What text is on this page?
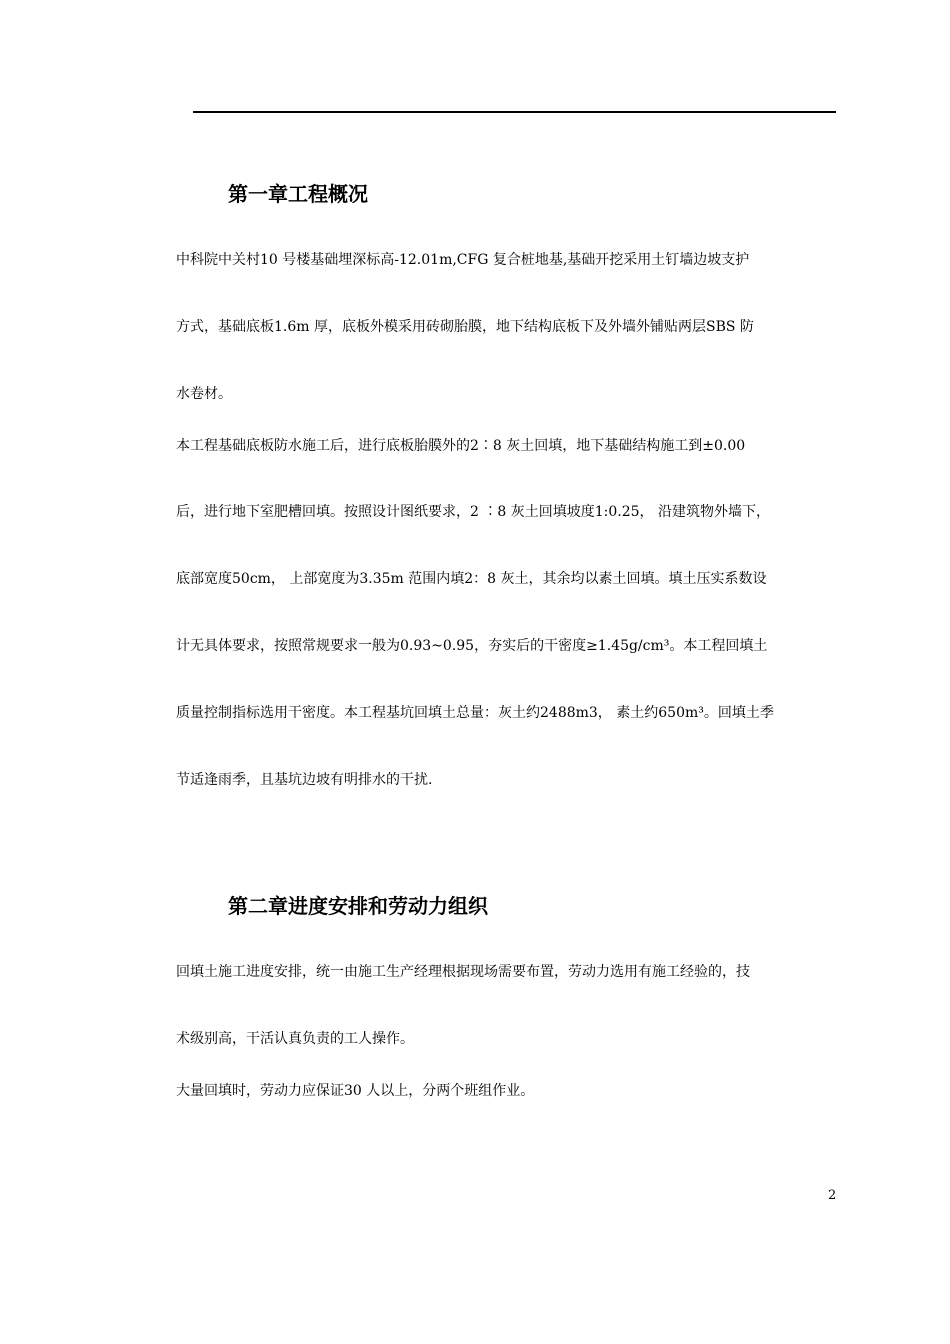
第一章工程概况
中科院中关村10 号楼基础埋深标高-12.01m,CFG 复合桩地基,基础开挖采用土钉墙边坡支护
方式，基础底板1.6m 厚，底板外模采用砖砌胎膜，地下结构底板下及外墙外铺贴两层SBS 防
水卷材。
本工程基础底板防水施工后，进行底板胎膜外的2∶8 灰土回填，地下基础结构施工到±0.00
后，进行地下室肥槽回填。按照设计图纸要求，2 ∶8 灰土回填坡度1:0.25， 沿建筑物外墙下，
底部宽度50cm， 上部宽度为3.35m 范围内填2：8 灰土，其余均以素土回填。填土压实系数设
计无具体要求，按照常规要求一般为0.93~0.95，夯实后的干密度≥1.45g/cm³。本工程回填土
质量控制指标选用干密度。本工程基坑回填土总量：灰土约2488m3， 素土约650m³。回填土季
节适逢雨季，且基坑边坡有明排水的干扰.
第二章进度安排和劳动力组织
回填土施工进度安排，统一由施工生产经理根据现场需要布置，劳动力选用有施工经验的，技
术级别高，干活认真负责的工人操作。
大量回填时，劳动力应保证30 人以上，分两个班组作业。
2
